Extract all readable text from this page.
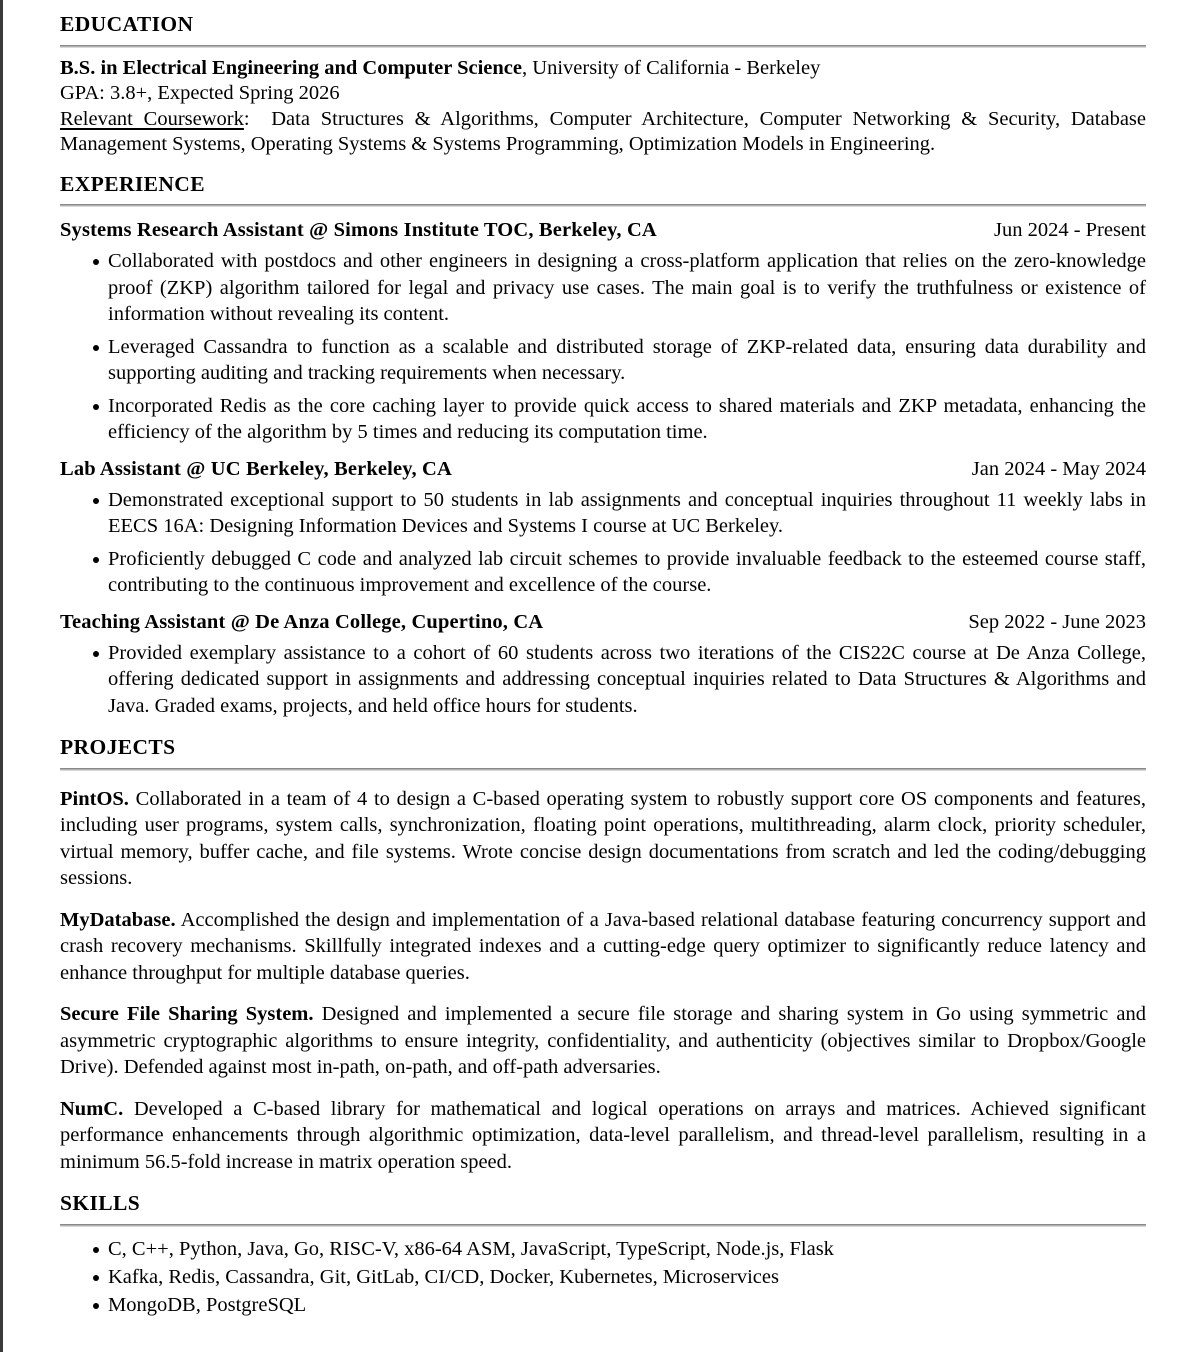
EDUCATION
B.S. in Electrical Engineering and Computer Science, University of California - Berkeley
GPA: 3.8+, Expected Spring 2026
Relevant Coursework: Data Structures & Algorithms, Computer Architecture, Computer Networking & Security, Database Management Systems, Operating Systems & Systems Programming, Optimization Models in Engineering.
EXPERIENCE
Systems Research Assistant @ Simons Institute TOC, Berkeley, CA	Jun 2024 - Present
Collaborated with postdocs and other engineers in designing a cross-platform application that relies on the zero-knowledge proof (ZKP) algorithm tailored for legal and privacy use cases. The main goal is to verify the truthfulness or existence of information without revealing its content.
Leveraged Cassandra to function as a scalable and distributed storage of ZKP-related data, ensuring data durability and supporting auditing and tracking requirements when necessary.
Incorporated Redis as the core caching layer to provide quick access to shared materials and ZKP metadata, enhancing the efficiency of the algorithm by 5 times and reducing its computation time.
Lab Assistant @ UC Berkeley, Berkeley, CA	Jan 2024 - May 2024
Demonstrated exceptional support to 50 students in lab assignments and conceptual inquiries throughout 11 weekly labs in EECS 16A: Designing Information Devices and Systems I course at UC Berkeley.
Proficiently debugged C code and analyzed lab circuit schemes to provide invaluable feedback to the esteemed course staff, contributing to the continuous improvement and excellence of the course.
Teaching Assistant @ De Anza College, Cupertino, CA	Sep 2022 - June 2023
Provided exemplary assistance to a cohort of 60 students across two iterations of the CIS22C course at De Anza College, offering dedicated support in assignments and addressing conceptual inquiries related to Data Structures & Algorithms and Java. Graded exams, projects, and held office hours for students.
PROJECTS
PintOS. Collaborated in a team of 4 to design a C-based operating system to robustly support core OS components and features, including user programs, system calls, synchronization, floating point operations, multithreading, alarm clock, priority scheduler, virtual memory, buffer cache, and file systems. Wrote concise design documentations from scratch and led the coding/debugging sessions.
MyDatabase. Accomplished the design and implementation of a Java-based relational database featuring concurrency support and crash recovery mechanisms. Skillfully integrated indexes and a cutting-edge query optimizer to significantly reduce latency and enhance throughput for multiple database queries.
Secure File Sharing System. Designed and implemented a secure file storage and sharing system in Go using symmetric and asymmetric cryptographic algorithms to ensure integrity, confidentiality, and authenticity (objectives similar to Dropbox/Google Drive). Defended against most in-path, on-path, and off-path adversaries.
NumC. Developed a C-based library for mathematical and logical operations on arrays and matrices. Achieved significant performance enhancements through algorithmic optimization, data-level parallelism, and thread-level parallelism, resulting in a minimum 56.5-fold increase in matrix operation speed.
SKILLS
C, C++, Python, Java, Go, RISC-V, x86-64 ASM, JavaScript, TypeScript, Node.js, Flask
Kafka, Redis, Cassandra, Git, GitLab, CI/CD, Docker, Kubernetes, Microservices
MongoDB, PostgreSQL
